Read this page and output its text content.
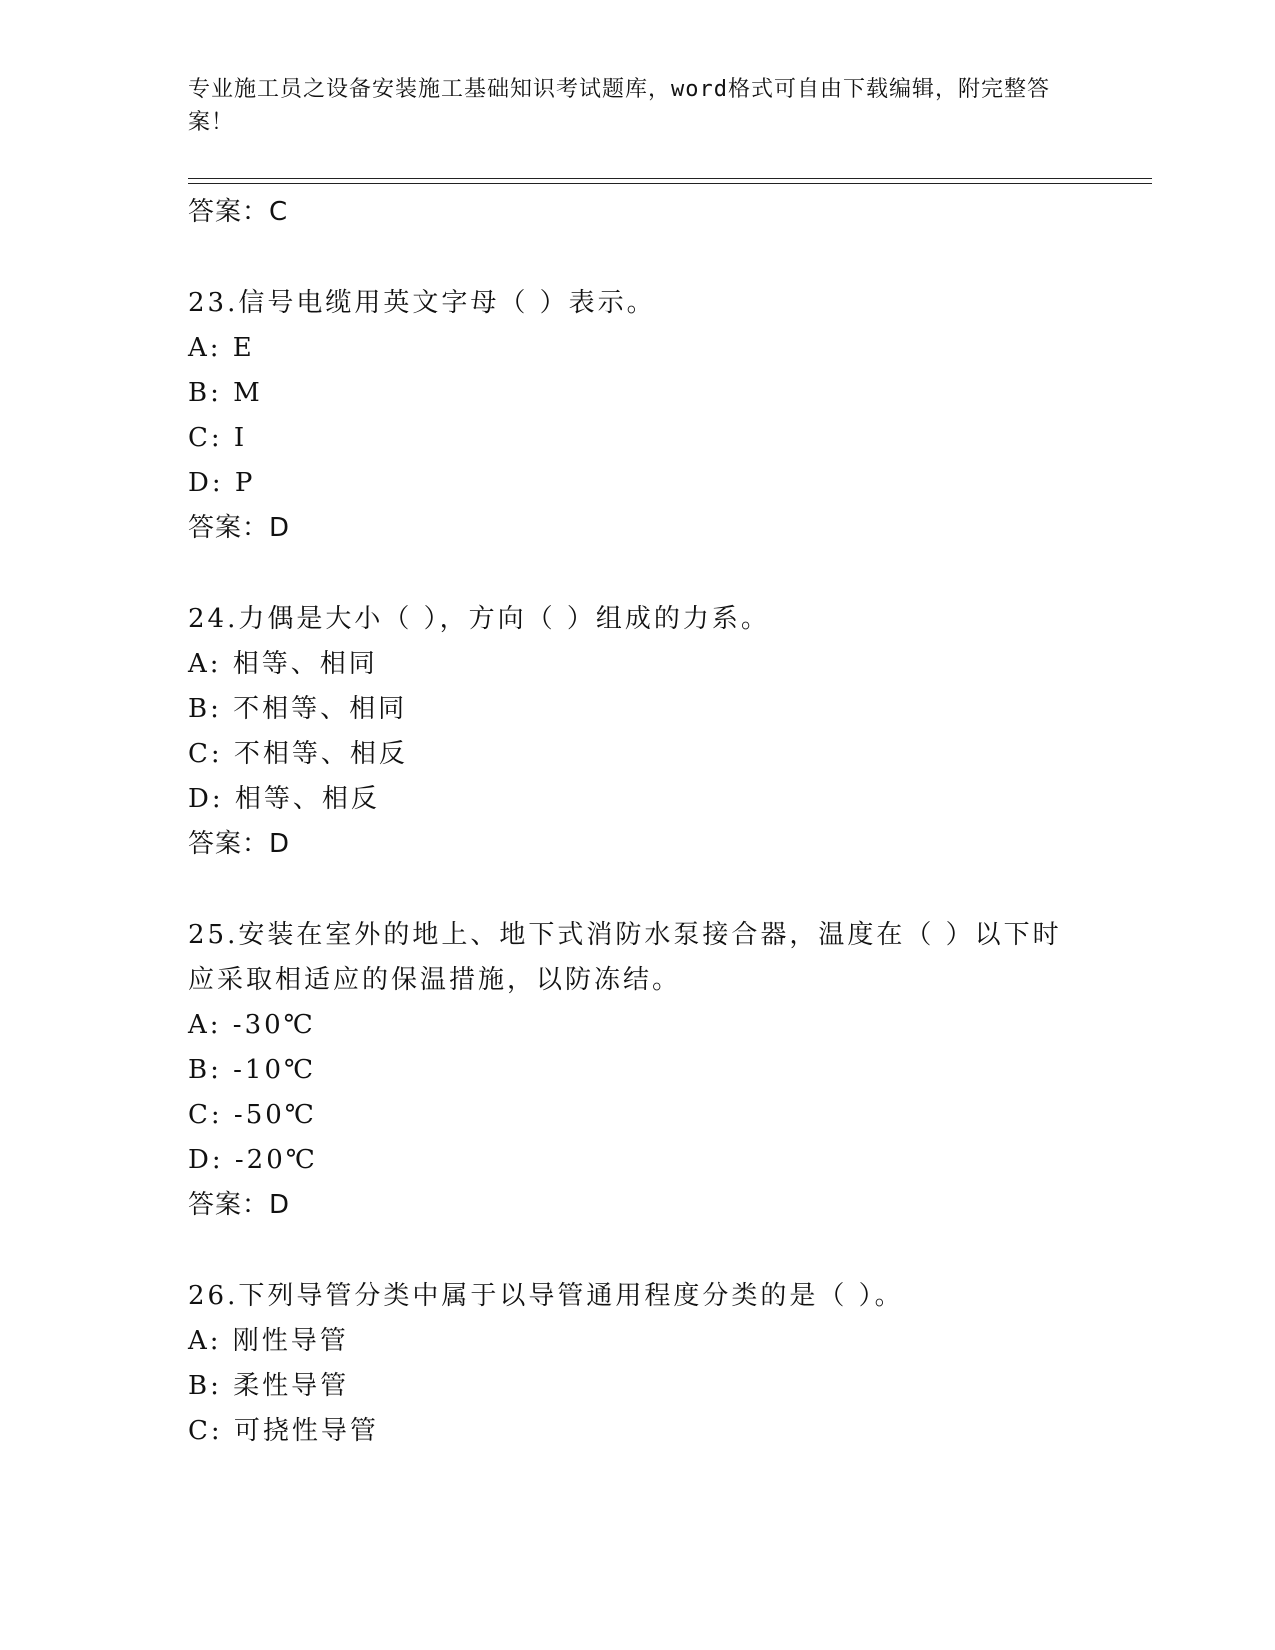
专业施工员之设备安装施工基础知识考试题库，word格式可自由下载编辑，附完整答案！
答案：C
23.信号电缆用英文字母（ ）表示。
A: E
B: M
C: I
D: P
答案：D
24.力偶是大小（ ），方向（ ）组成的力系。
A: 相等、相同
B: 不相等、相同
C: 不相等、相反
D: 相等、相反
答案：D
25.安装在室外的地上、地下式消防水泵接合器，温度在（ ）以下时
应采取相适应的保温措施，以防冻结。
A: -30℃
B: -10℃
C: -50℃
D: -20℃
答案：D
26.下列导管分类中属于以导管通用程度分类的是（ ）。
A: 刚性导管
B: 柔性导管
C: 可挠性导管
